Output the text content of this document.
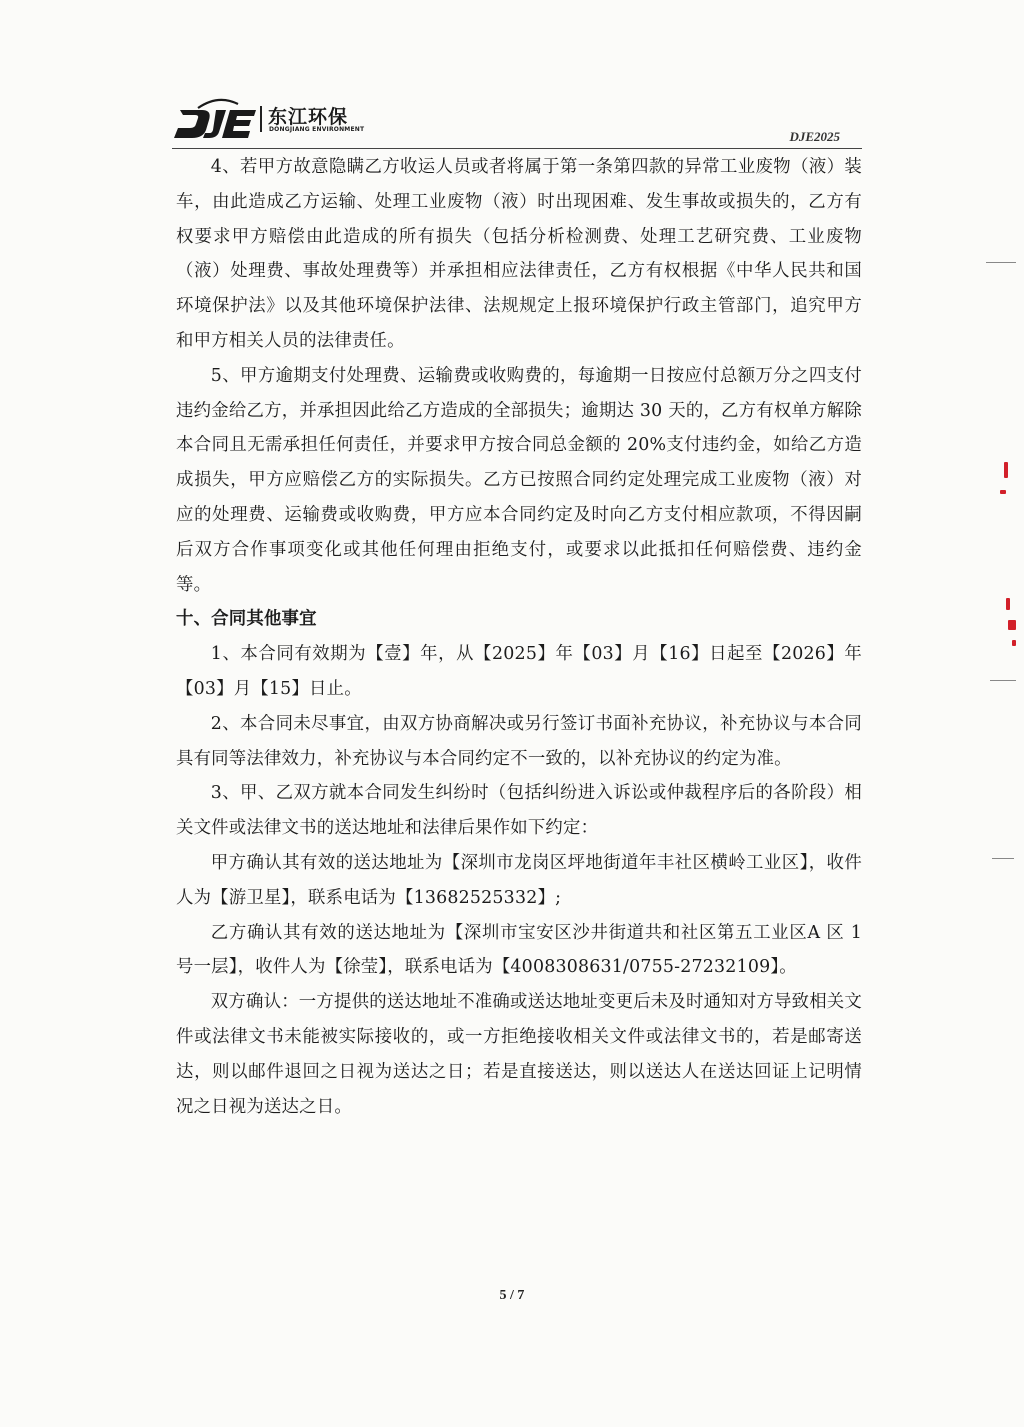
东江环保
DONGJIANG ENVIRONMENT	DJE2025

4、若甲方故意隐瞒乙方收运人员或者将属于第一条第四款的异常工业废物（液）装车，由此造成乙方运输、处理工业废物（液）时出现困难、发生事故或损失的，乙方有权要求甲方赔偿由此造成的所有损失（包括分析检测费、处理工艺研究费、工业废物（液）处理费、事故处理费等）并承担相应法律责任，乙方有权根据《中华人民共和国环境保护法》以及其他环境保护法律、法规规定上报环境保护行政主管部门，追究甲方和甲方相关人员的法律责任。

5、甲方逾期支付处理费、运输费或收购费的，每逾期一日按应付总额万分之四支付违约金给乙方，并承担因此给乙方造成的全部损失；逾期达 30 天的，乙方有权单方解除本合同且无需承担任何责任，并要求甲方按合同总金额的 20%支付违约金，如给乙方造成损失，甲方应赔偿乙方的实际损失。乙方已按照合同约定处理完成工业废物（液）对应的处理费、运输费或收购费，甲方应本合同约定及时向乙方支付相应款项，不得因嗣后双方合作事项变化或其他任何理由拒绝支付，或要求以此抵扣任何赔偿费、违约金等。

十、合同其他事宜

1、本合同有效期为【壹】年，从【2025】年【03】月【16】日起至【2026】年【03】月【15】日止。

2、本合同未尽事宜，由双方协商解决或另行签订书面补充协议，补充协议与本合同具有同等法律效力，补充协议与本合同约定不一致的，以补充协议的约定为准。

3、甲、乙双方就本合同发生纠纷时（包括纠纷进入诉讼或仲裁程序后的各阶段）相关文件或法律文书的送达地址和法律后果作如下约定：

甲方确认其有效的送达地址为【深圳市龙岗区坪地街道年丰社区横岭工业区】，收件人为【游卫星】，联系电话为【13682525332】;

乙方确认其有效的送达地址为【深圳市宝安区沙井街道共和社区第五工业区A 区 1 号一层】，收件人为【徐莹】，联系电话为【4008308631/0755-27232109】。

双方确认：一方提供的送达地址不准确或送达地址变更后未及时通知对方导致相关文件或法律文书未能被实际接收的，或一方拒绝接收相关文件或法律文书的，若是邮寄送达，则以邮件退回之日视为送达之日；若是直接送达，则以送达人在送达回证上记明情况之日视为送达之日。

5 / 7
